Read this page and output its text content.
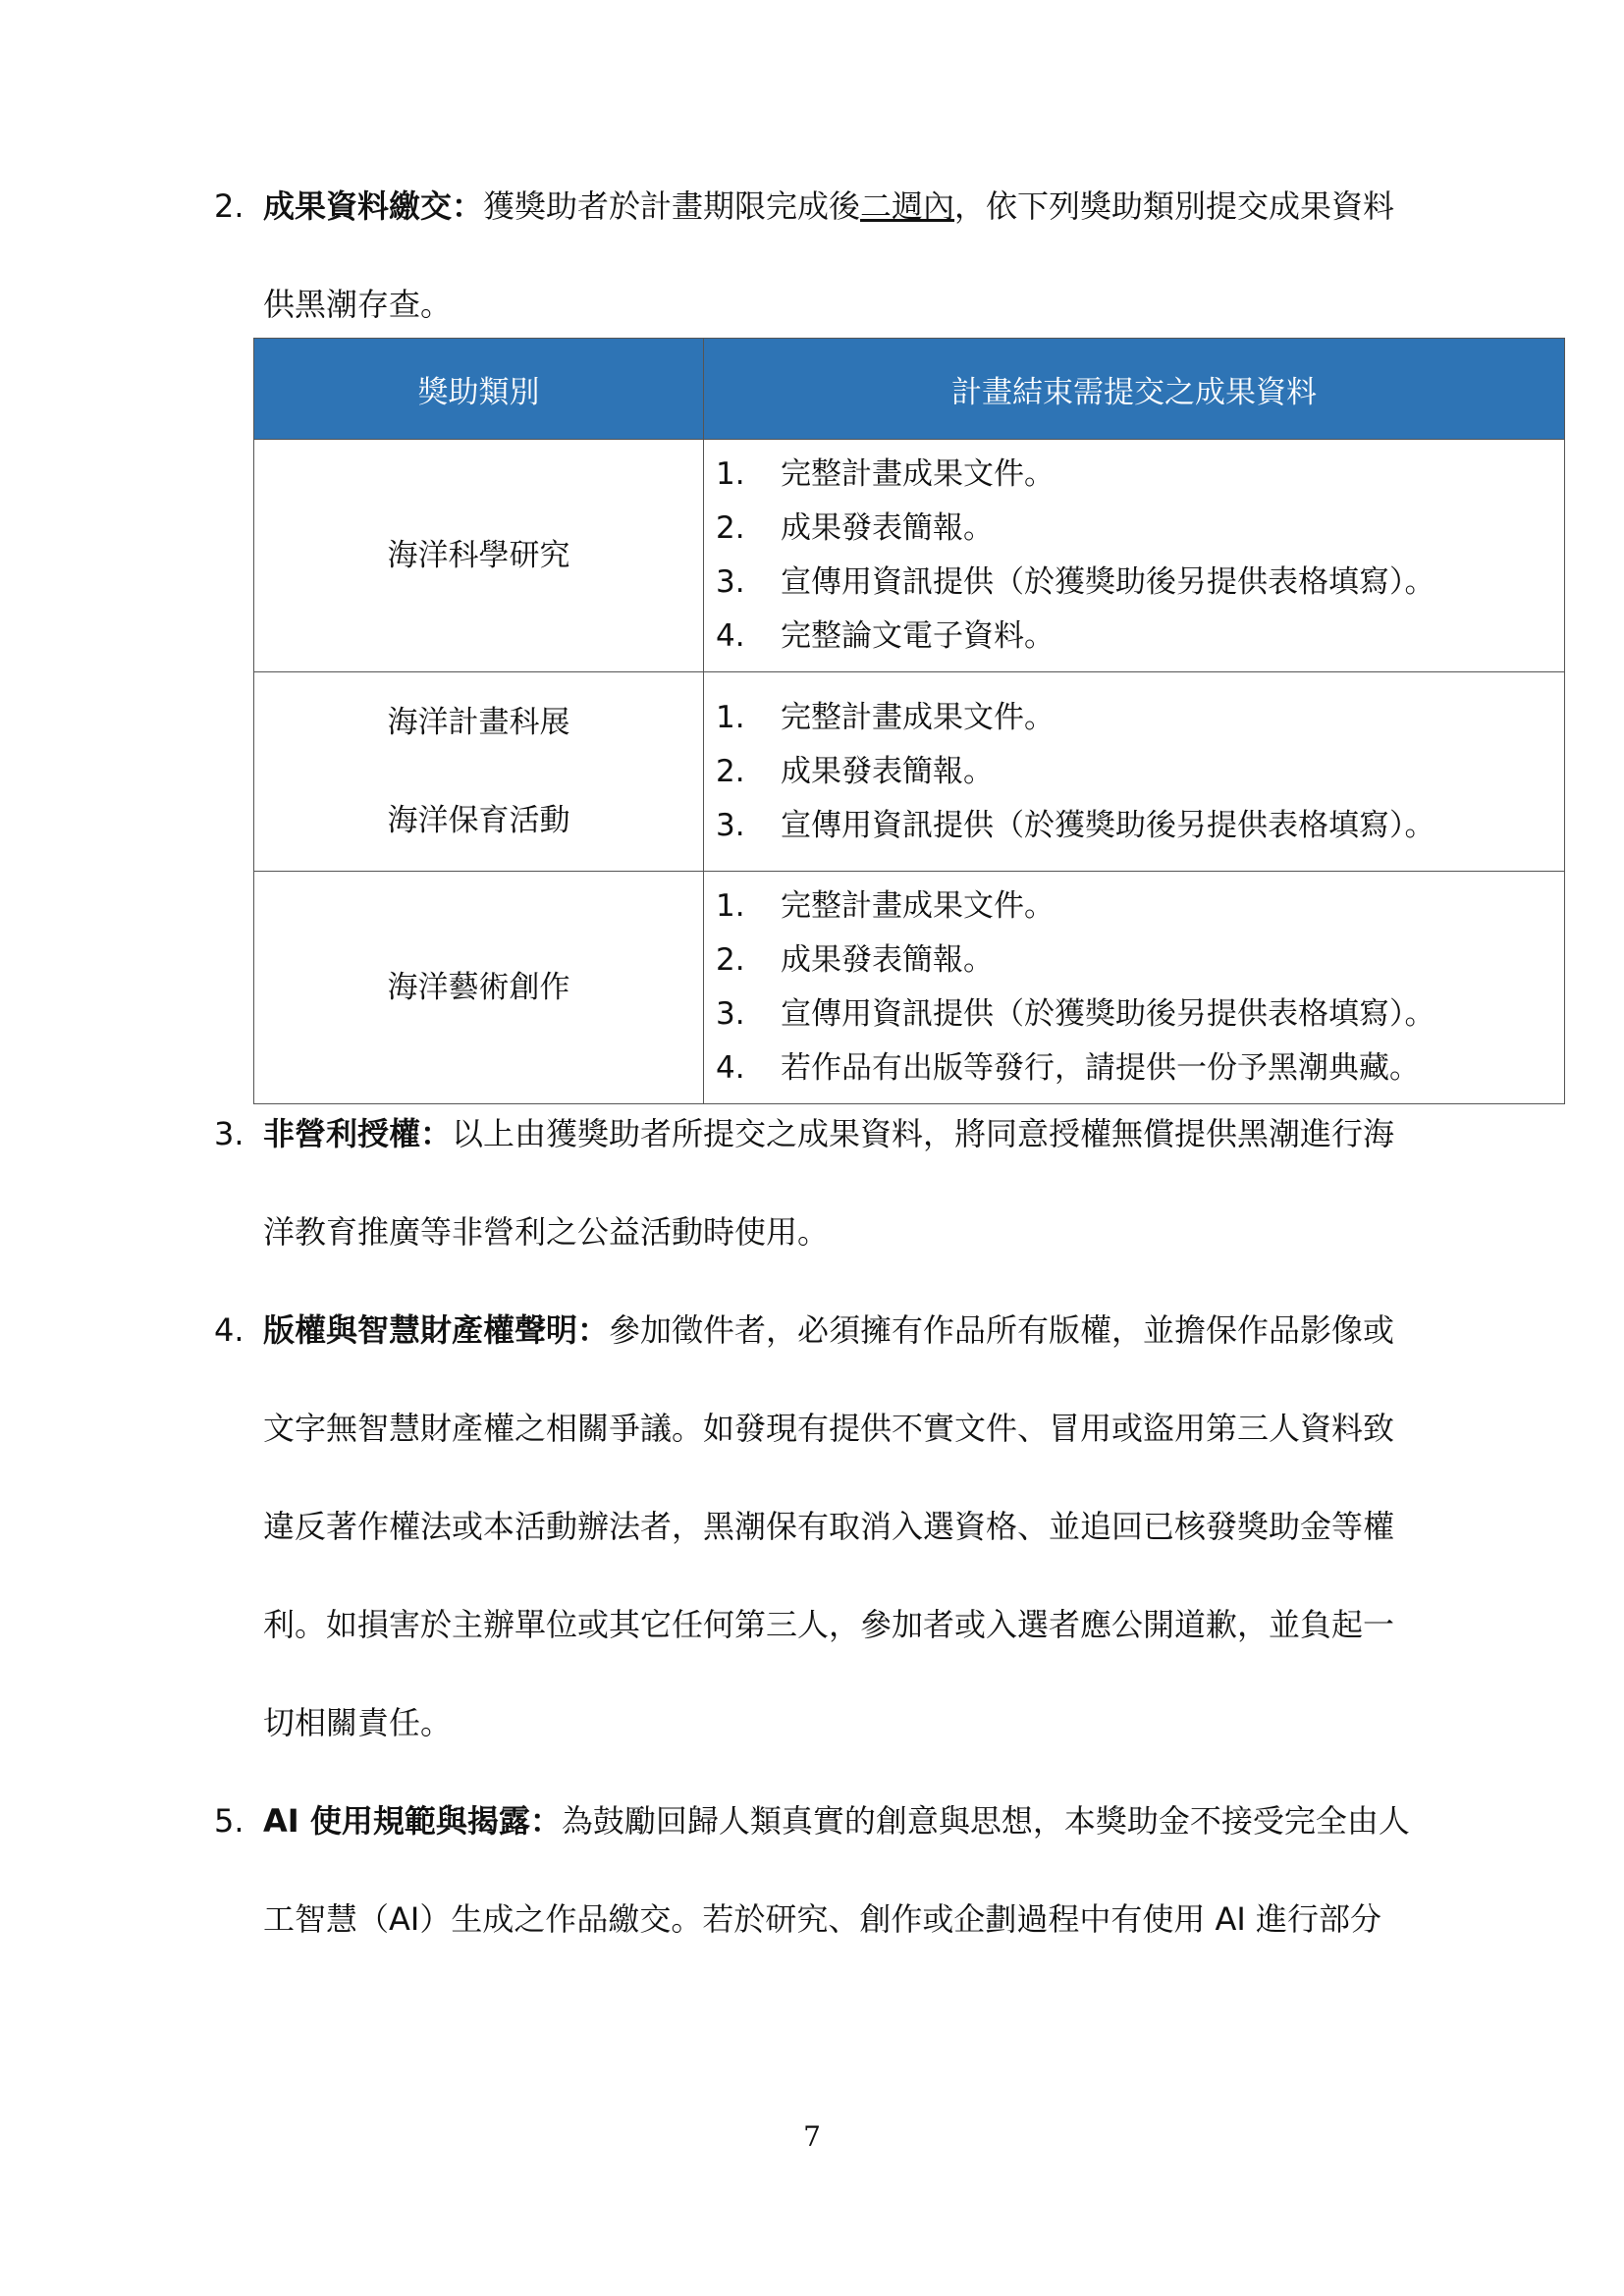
2. 成果資料繳交：獲獎助者於計畫期限完成後二週內，依下列獎助類別提交成果資料
供黑潮存查。
獎助類別	計畫結束需提交之成果資料

海洋科學研究	1. 完整計畫成果文件。
2. 成果發表簡報。
3. 宣傳用資訊提供（於獲獎助後另提供表格填寫）。
4. 完整論文電子資料。

海洋計畫科展
海洋保育活動	1. 完整計畫成果文件。
2. 成果發表簡報。
3. 宣傳用資訊提供（於獲獎助後另提供表格填寫）。

海洋藝術創作	1. 完整計畫成果文件。
2. 成果發表簡報。
3. 宣傳用資訊提供（於獲獎助後另提供表格填寫）。
4. 若作品有出版等發行，請提供一份予黑潮典藏。
3. 非營利授權：以上由獲獎助者所提交之成果資料，將同意授權無償提供黑潮進行海
洋教育推廣等非營利之公益活動時使用。
4. 版權與智慧財產權聲明：參加徵件者，必須擁有作品所有版權，並擔保作品影像或
文字無智慧財產權之相關爭議。如發現有提供不實文件、冒用或盜用第三人資料致
違反著作權法或本活動辦法者，黑潮保有取消入選資格、並追回已核發獎助金等權
利。如損害於主辦單位或其它任何第三人，參加者或入選者應公開道歉，並負起一
切相關責任。
5. AI 使用規範與揭露：為鼓勵回歸人類真實的創意與思想，本獎助金不接受完全由人
工智慧（AI）生成之作品繳交。若於研究、創作或企劃過程中有使用 AI 進行部分
7
